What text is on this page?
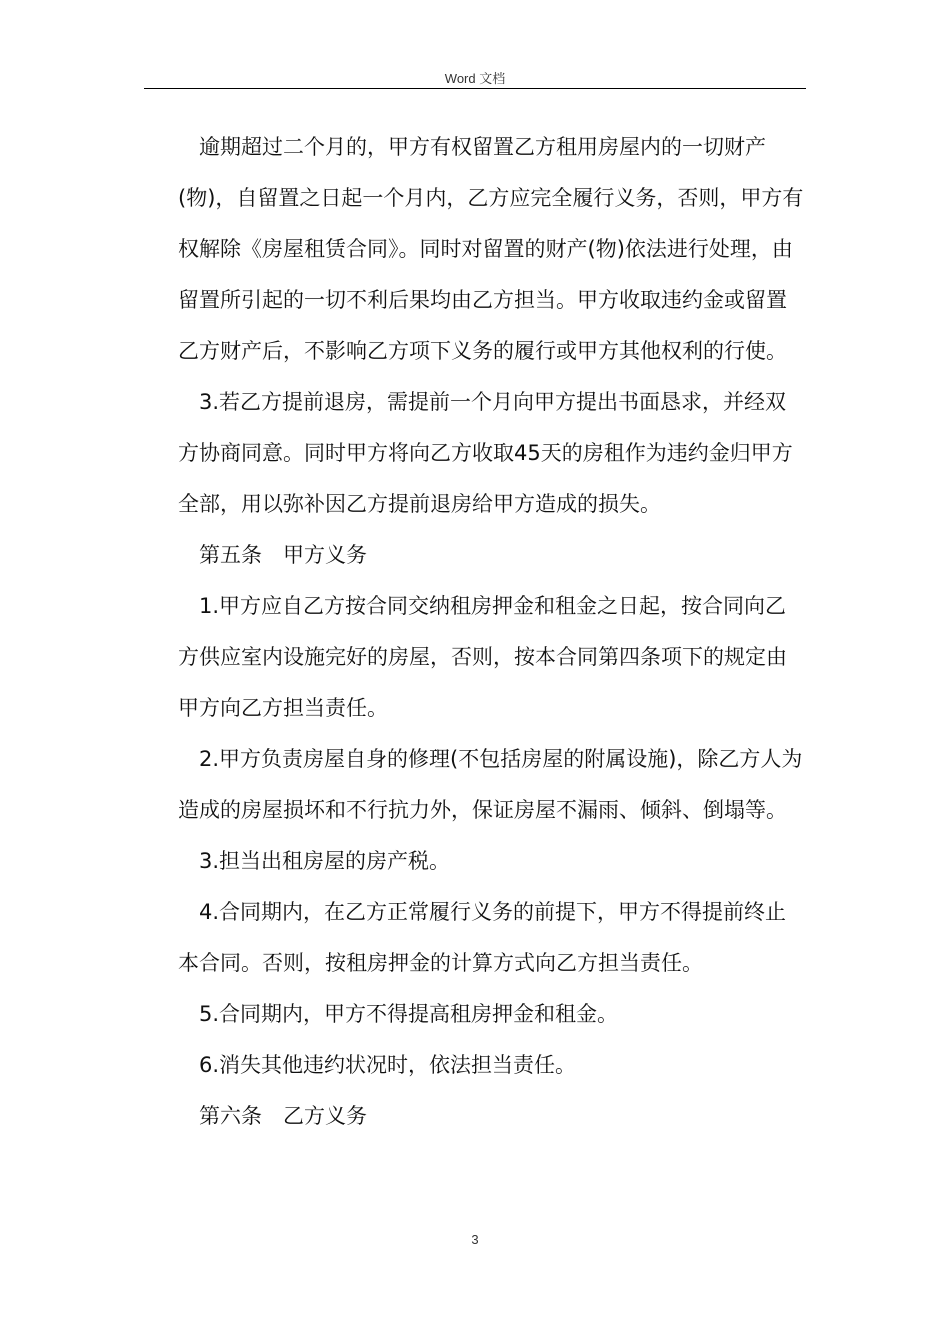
Word 文档

逾期超过二个月的，甲方有权留置乙方租用房屋内的一切财产(物)，自留置之日起一个月内，乙方应完全履行义务，否则，甲方有权解除《房屋租赁合同》。同时对留置的财产(物)依法进行处理，由留置所引起的一切不利后果均由乙方担当。甲方收取违约金或留置乙方财产后，不影响乙方项下义务的履行或甲方其他权利的行使。

3.若乙方提前退房，需提前一个月向甲方提出书面恳求，并经双方协商同意。同时甲方将向乙方收取45天的房租作为违约金归甲方全部，用以弥补因乙方提前退房给甲方造成的损失。

第五条　甲方义务

1.甲方应自乙方按合同交纳租房押金和租金之日起，按合同向乙方供应室内设施完好的房屋，否则，按本合同第四条项下的规定由甲方向乙方担当责任。

2.甲方负责房屋自身的修理(不包括房屋的附属设施)，除乙方人为造成的房屋损坏和不行抗力外，保证房屋不漏雨、倾斜、倒塌等。

3.担当出租房屋的房产税。

4.合同期内，在乙方正常履行义务的前提下，甲方不得提前终止本合同。否则，按租房押金的计算方式向乙方担当责任。

5.合同期内，甲方不得提高租房押金和租金。

6.消失其他违约状况时，依法担当责任。

第六条　乙方义务

3
